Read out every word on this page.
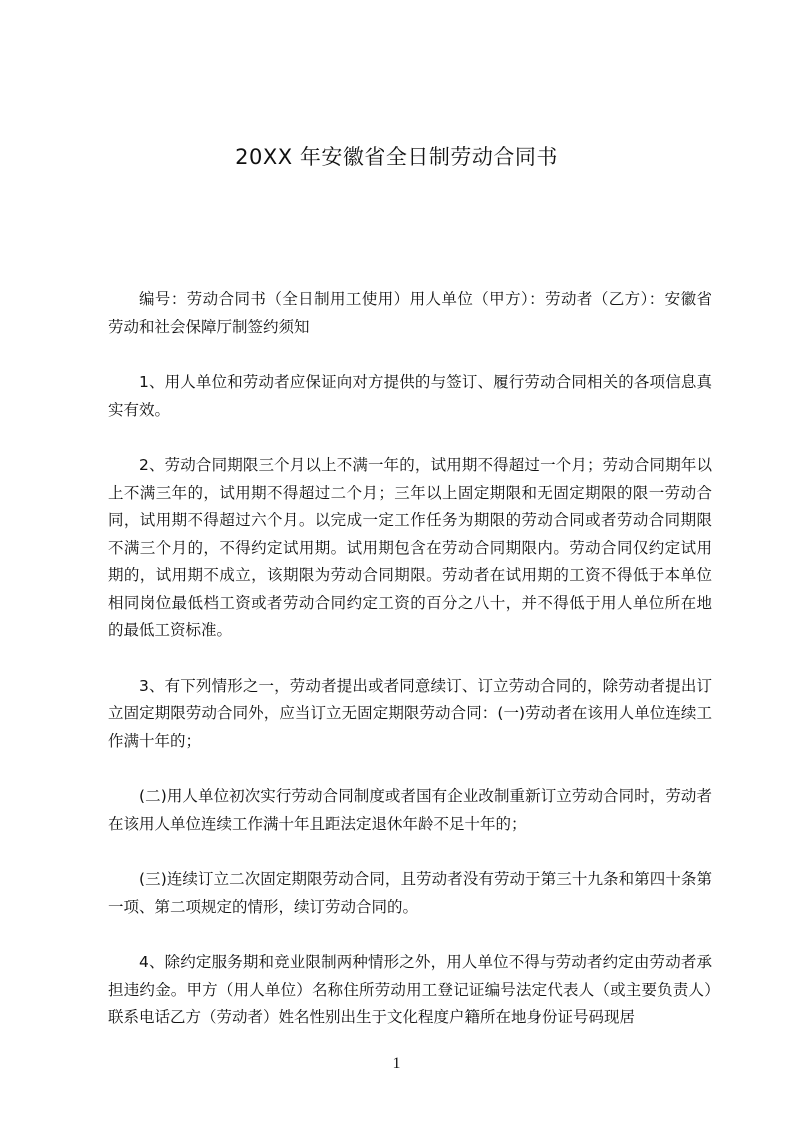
20XX 年安徽省全日制劳动合同书

编号：劳动合同书（全日制用工使用）用人单位（甲方）：劳动者（乙方）：安徽省劳动和社会保障厅制签约须知

1、用人单位和劳动者应保证向对方提供的与签订、履行劳动合同相关的各项信息真实有效。

2、劳动合同期限三个月以上不满一年的，试用期不得超过一个月；劳动合同期年以上不满三年的，试用期不得超过二个月；三年以上固定期限和无固定期限的限一劳动合同，试用期不得超过六个月。以完成一定工作任务为期限的劳动合同或者劳动合同期限不满三个月的，不得约定试用期。试用期包含在劳动合同期限内。劳动合同仅约定试用期的，试用期不成立，该期限为劳动合同期限。劳动者在试用期的工资不得低于本单位相同岗位最低档工资或者劳动合同约定工资的百分之八十，并不得低于用人单位所在地的最低工资标准。

3、有下列情形之一，劳动者提出或者同意续订、订立劳动合同的，除劳动者提出订立固定期限劳动合同外，应当订立无固定期限劳动合同：(一)劳动者在该用人单位连续工作满十年的；

(二)用人单位初次实行劳动合同制度或者国有企业改制重新订立劳动合同时，劳动者在该用人单位连续工作满十年且距法定退休年龄不足十年的；

(三)连续订立二次固定期限劳动合同，且劳动者没有劳动于第三十九条和第四十条第一项、第二项规定的情形，续订劳动合同的。

4、除约定服务期和竞业限制两种情形之外，用人单位不得与劳动者约定由劳动者承担违约金。甲方（用人单位）名称住所劳动用工登记证编号法定代表人（或主要负责人）联系电话乙方（劳动者）姓名性别出生于文化程度户籍所在地身份证号码现居

1
